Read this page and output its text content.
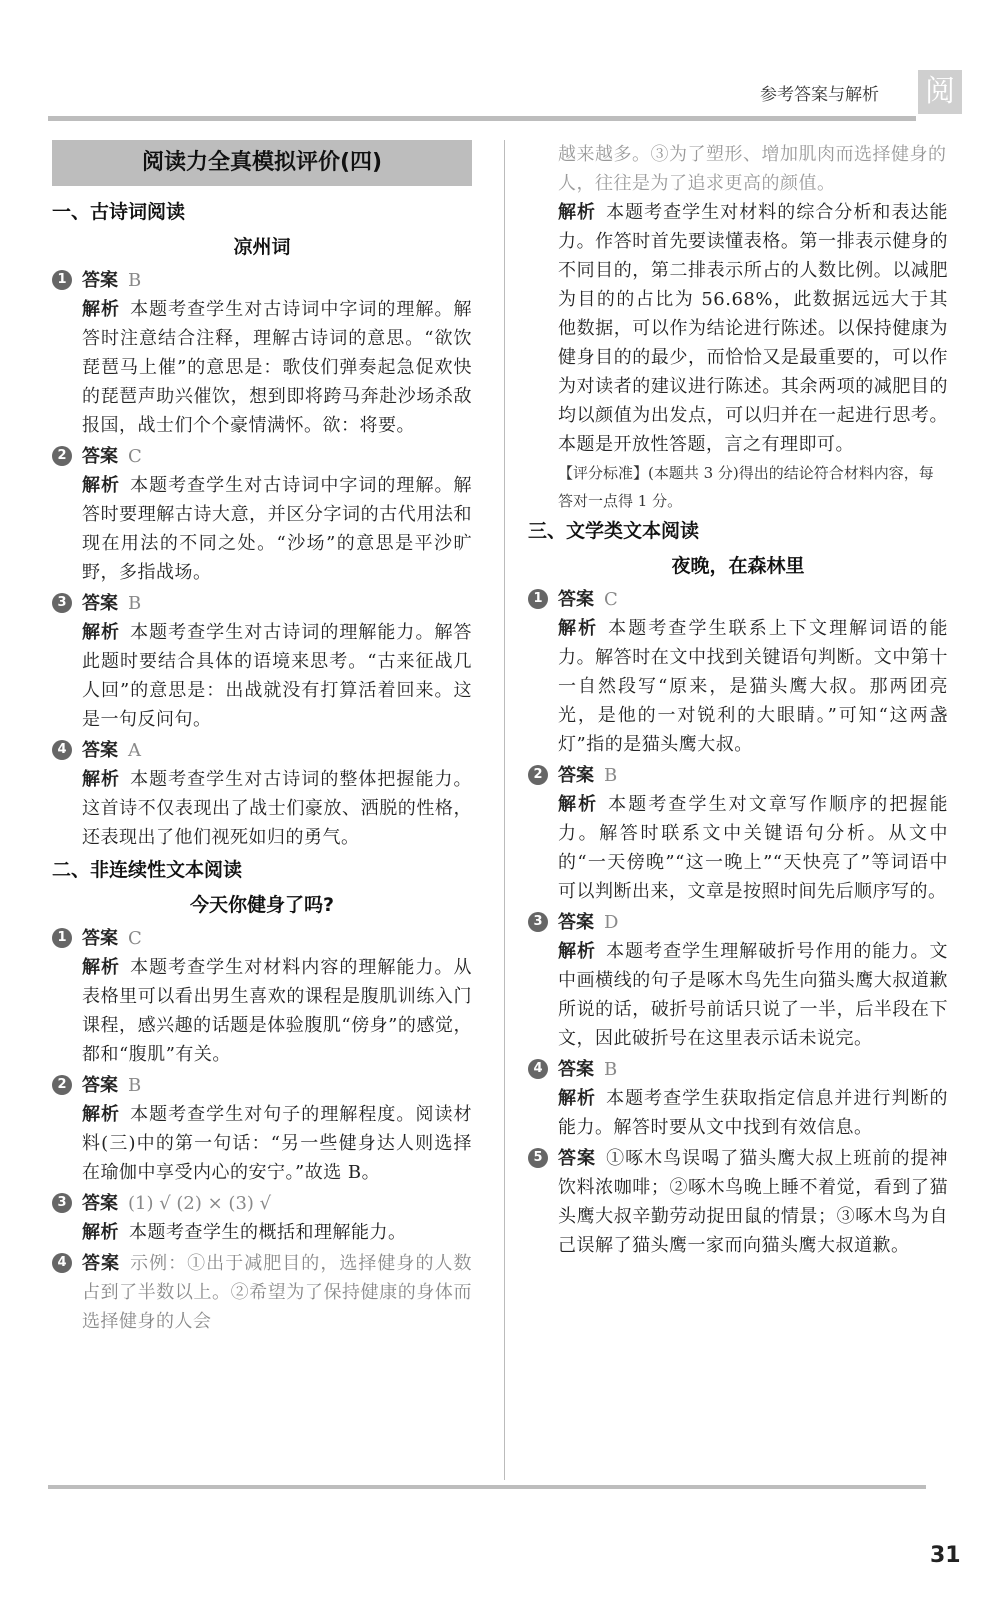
参考答案与解析 阅
阅读力全真模拟评价(四)
一、古诗词阅读
凉州词
1 答案 B
解析 本题考查学生对古诗词中字词的理解。解答时注意结合注释，理解古诗词的意思。“欲饮琵琶马上催”的意思是：歌伎们弹奏起急促欢快的琵琶声助兴催饮，想到即将跨马奔赴沙场杀敌报国，战士们个个豪情满怀。欲：将要。
2 答案 C
解析 本题考查学生对古诗词中字词的理解。解答时要理解古诗大意，并区分字词的古代用法和现在用法的不同之处。“沙场”的意思是平沙旷野，多指战场。
3 答案 B
解析 本题考查学生对古诗词的理解能力。解答此题时要结合具体的语境来思考。“古来征战几人回”的意思是：出战就没有打算活着回来。这是一句反问句。
4 答案 A
解析 本题考查学生对古诗词的整体把握能力。这首诗不仅表现出了战士们豪放、洒脱的性格，还表现出了他们视死如归的勇气。
二、非连续性文本阅读
今天你健身了吗?
1 答案 C
解析 本题考查学生对材料内容的理解能力。从表格里可以看出男生喜欢的课程是腹肌训练入门课程，感兴趣的话题是体验腹肌“傍身”的感觉，都和“腹肌”有关。
2 答案 B
解析 本题考查学生对句子的理解程度。阅读材料(三)中的第一句话：“另一些健身达人则选择在瑜伽中享受内心的安宁。”故选 B。
3 答案 (1) √ (2) × (3) √
解析 本题考查学生的概括和理解能力。
4 答案 示例：①出于减肥目的，选择健身的人数占到了半数以上。②希望为了保持健康的身体而选择健身的人会
越来越多。③为了塑形、增加肌肉而选择健身的人，往往是为了追求更高的颜值。
解析 本题考查学生对材料的综合分析和表达能力。作答时首先要读懂表格。第一排表示健身的不同目的，第二排表示所占的人数比例。以减肥为目的的占比为 56.68%，此数据远远大于其他数据，可以作为结论进行陈述。以保持健康为健身目的的最少，而恰恰又是最重要的，可以作为对读者的建议进行陈述。其余两项的减肥目的均以颜值为出发点，可以归并在一起进行思考。本题是开放性答题，言之有理即可。
【评分标准】(本题共 3 分)得出的结论符合材料内容，每答对一点得 1 分。
三、文学类文本阅读
夜晚，在森林里
1 答案 C
解析 本题考查学生联系上下文理解词语的能力。解答时在文中找到关键语句判断。文中第十一自然段写“原来，是猫头鹰大叔。那两团亮光，是他的一对锐利的大眼睛。”可知“这两盏灯”指的是猫头鹰大叔。
2 答案 B
解析 本题考查学生对文章写作顺序的把握能力。解答时联系文中关键语句分析。从文中的“一天傍晚”“这一晚上”“天快亮了”等词语中可以判断出来，文章是按照时间先后顺序写的。
3 答案 D
解析 本题考查学生理解破折号作用的能力。文中画横线的句子是啄木鸟先生向猫头鹰大叔道歉所说的话，破折号前话只说了一半，后半段在下文，因此破折号在这里表示话未说完。
4 答案 B
解析 本题考查学生获取指定信息并进行判断的能力。解答时要从文中找到有效信息。
5 答案 ①啄木鸟误喝了猫头鹰大叔上班前的提神饮料浓咖啡；②啄木鸟晚上睡不着觉，看到了猫头鹰大叔辛勤劳动捉田鼠的情景；③啄木鸟为自己误解了猫头鹰一家而向猫头鹰大叔道歉。
31
